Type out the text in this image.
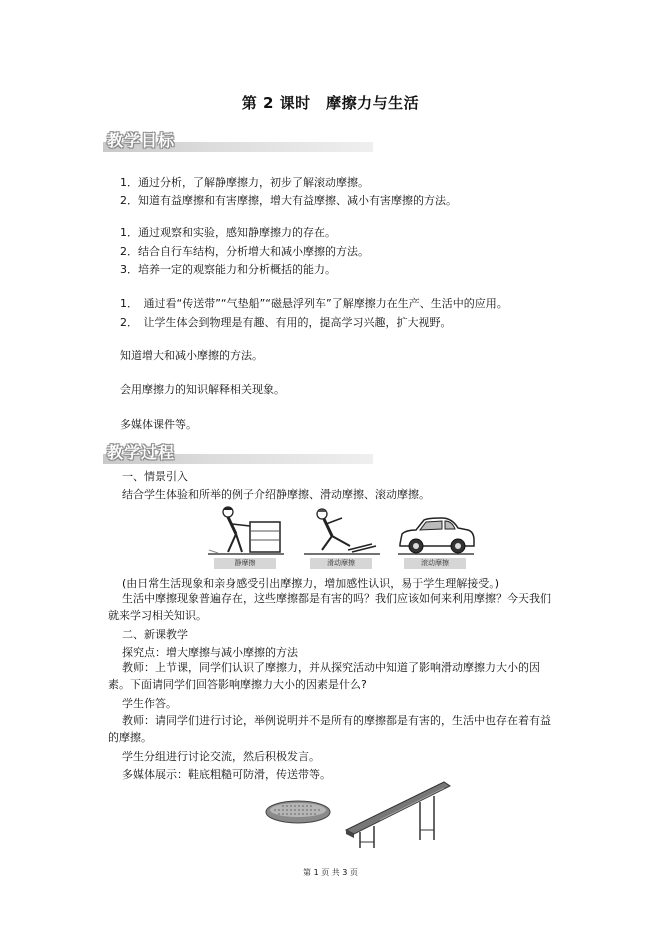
第 2 课时　摩擦力与生活
教学目标
1．通过分析，了解静摩擦力，初步了解滚动摩擦。
2．知道有益摩擦和有害摩擦，增大有益摩擦、减小有害摩擦的方法。
1．通过观察和实验，感知静摩擦力的存在。
2．结合自行车结构，分析增大和减小摩擦的方法。
3．培养一定的观察能力和分析概括的能力。
1．　通过看“传送带”“气垫船”“磁悬浮列车”了解摩擦力在生产、生活中的应用。
2．　让学生体会到物理是有趣、有用的，提高学习兴趣，扩大视野。
知道增大和减小摩擦的方法。
会用摩擦力的知识解释相关现象。
多媒体课件等。
教学过程
一、情景引入
结合学生体验和所举的例子介绍静摩擦、滑动摩擦、滚动摩擦。
静摩擦	滑动摩擦	滚动摩擦
(由日常生活现象和亲身感受引出摩擦力，增加感性认识，易于学生理解接受。)
生活中摩擦现象普遍存在，这些摩擦都是有害的吗？我们应该如何来利用摩擦？今天我们就来学习相关知识。
二、新课教学
探究点：增大摩擦与减小摩擦的方法
教师：上节课，同学们认识了摩擦力，并从探究活动中知道了影响滑动摩擦力大小的因素。下面请同学们回答影响摩擦力大小的因素是什么?
学生作答。
教师：请同学们进行讨论，举例说明并不是所有的摩擦都是有害的，生活中也存在着有益的摩擦。
学生分组进行讨论交流，然后积极发言。
多媒体展示：鞋底粗糙可防滑，传送带等。
第 1 页 共 3 页
